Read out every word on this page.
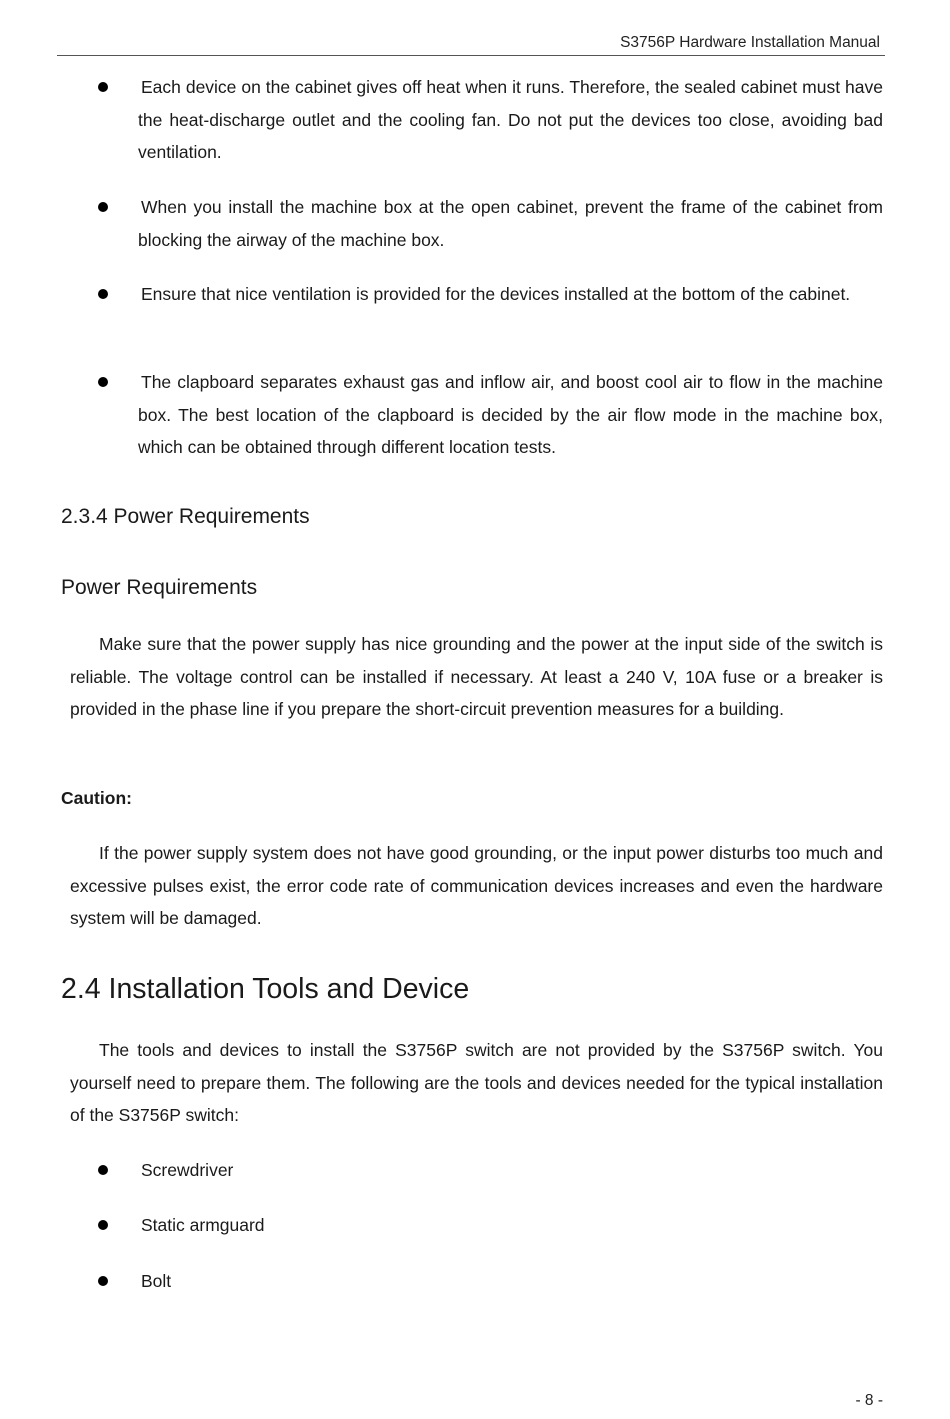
S3756P Hardware Installation Manual
Each device on the cabinet gives off heat when it runs. Therefore, the sealed cabinet must have the heat-discharge outlet and the cooling fan. Do not put the devices too close, avoiding bad ventilation.
When you install the machine box at the open cabinet, prevent the frame of the cabinet from blocking the airway of the machine box.
Ensure that nice ventilation is provided for the devices installed at the bottom of the cabinet.
The clapboard separates exhaust gas and inflow air, and boost cool air to flow in the machine box. The best location of the clapboard is decided by the air flow mode in the machine box, which can be obtained through different location tests.
2.3.4 Power Requirements
Power Requirements
Make sure that the power supply has nice grounding and the power at the input side of the switch is reliable. The voltage control can be installed if necessary. At least a 240 V, 10A fuse or a breaker is provided in the phase line if you prepare the short-circuit prevention measures for a building.
Caution:
If the power supply system does not have good grounding, or the input power disturbs too much and excessive pulses exist, the error code rate of communication devices increases and even the hardware system will be damaged.
2.4 Installation Tools and Device
The tools and devices to install the S3756P switch are not provided by the S3756P switch. You yourself need to prepare them. The following are the tools and devices needed for the typical installation of the S3756P switch:
Screwdriver
Static armguard
Bolt
- 8 -
